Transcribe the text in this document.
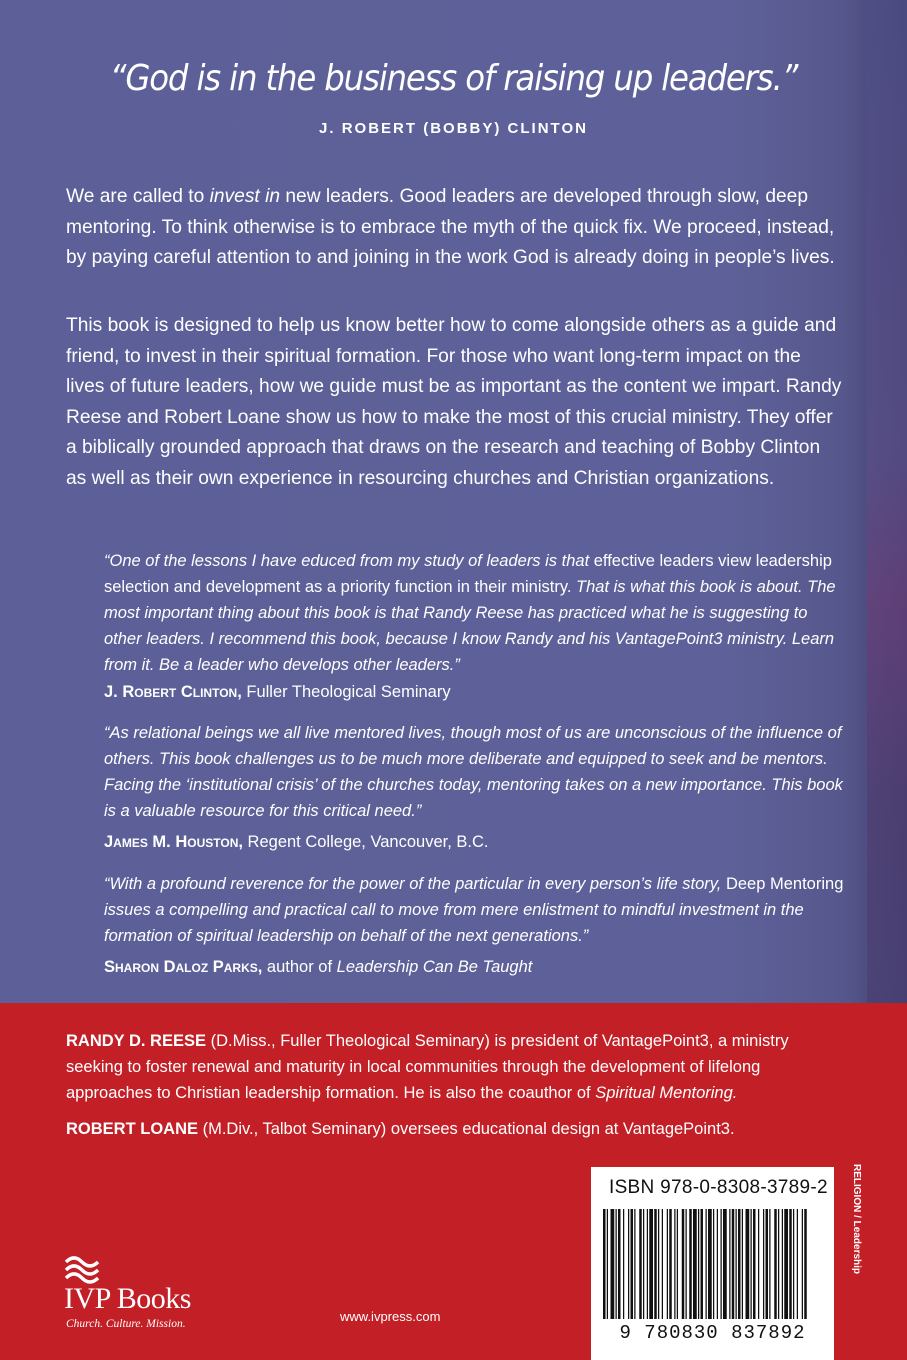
“God is in the business of raising up leaders.”
J. ROBERT (BOBBY) CLINTON

We are called to invest in new leaders. Good leaders are developed through slow, deep mentoring. To think otherwise is to embrace the myth of the quick fix. We proceed, instead, by paying careful attention to and joining in the work God is already doing in people’s lives.

This book is designed to help us know better how to come alongside others as a guide and friend, to invest in their spiritual formation. For those who want long-term impact on the lives of future leaders, how we guide must be as important as the content we impart. Randy Reese and Robert Loane show us how to make the most of this crucial ministry. They offer a biblically grounded approach that draws on the research and teaching of Bobby Clinton as well as their own experience in resourcing churches and Christian organizations.

“One of the lessons I have educed from my study of leaders is that effective leaders view leadership selection and development as a priority function in their ministry. That is what this book is about. The most important thing about this book is that Randy Reese has practiced what he is suggesting to other leaders. I recommend this book, because I know Randy and his VantagePoint3 ministry. Learn from it. Be a leader who develops other leaders.”

J. Robert Clinton, Fuller Theological Seminary

“As relational beings we all live mentored lives, though most of us are unconscious of the influence of others. This book challenges us to be much more deliberate and equipped to seek and be mentors. Facing the ‘institutional crisis’ of the churches today, mentoring takes on a new importance. This book is a valuable resource for this critical need.”

James M. Houston, Regent College, Vancouver, B.C.

“With a profound reverence for the power of the particular in every person’s life story, Deep Mentoring issues a compelling and practical call to move from mere enlistment to mindful investment in the formation of spiritual leadership on behalf of the next generations.”

Sharon Daloz Parks, author of Leadership Can Be Taught

RANDY D. REESE (D.Miss., Fuller Theological Seminary) is president of VantagePoint3, a ministry seeking to foster renewal and maturity in local communities through the development of lifelong approaches to Christian leadership formation. He is also the coauthor of Spiritual Mentoring.

ROBERT LOANE (M.Div., Talbot Seminary) oversees educational design at VantagePoint3.

ISBN 978-0-8308-3789-2
9 780830 837892
RELIGION / Leadership
IVP Books
Church. Culture. Mission.	www.ivpress.com
